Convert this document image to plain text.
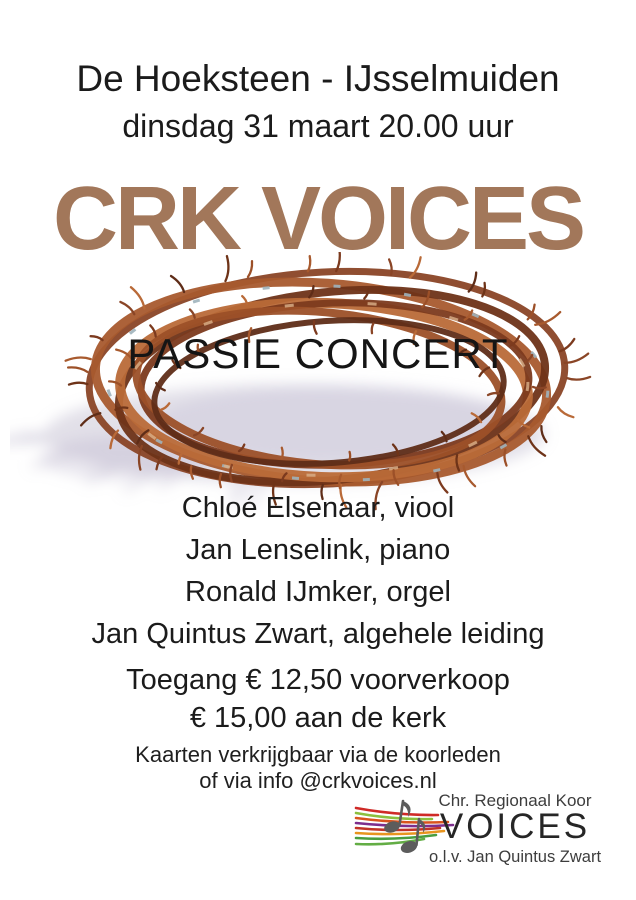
De Hoeksteen - IJsselmuiden
dinsdag 31 maart 20.00 uur
CRK VOICES
PASSIE CONCERT
Chloé Elsenaar, viool
Jan Lenselink, piano
Ronald IJmker, orgel
Jan Quintus Zwart, algehele leiding
Toegang € 12,50 voorverkoop
€ 15,00 aan de kerk
Kaarten verkrijgbaar via de koorleden
of via info @crkvoices.nl
Chr. Regionaal Koor
VOICES
o.l.v. Jan Quintus Zwart
